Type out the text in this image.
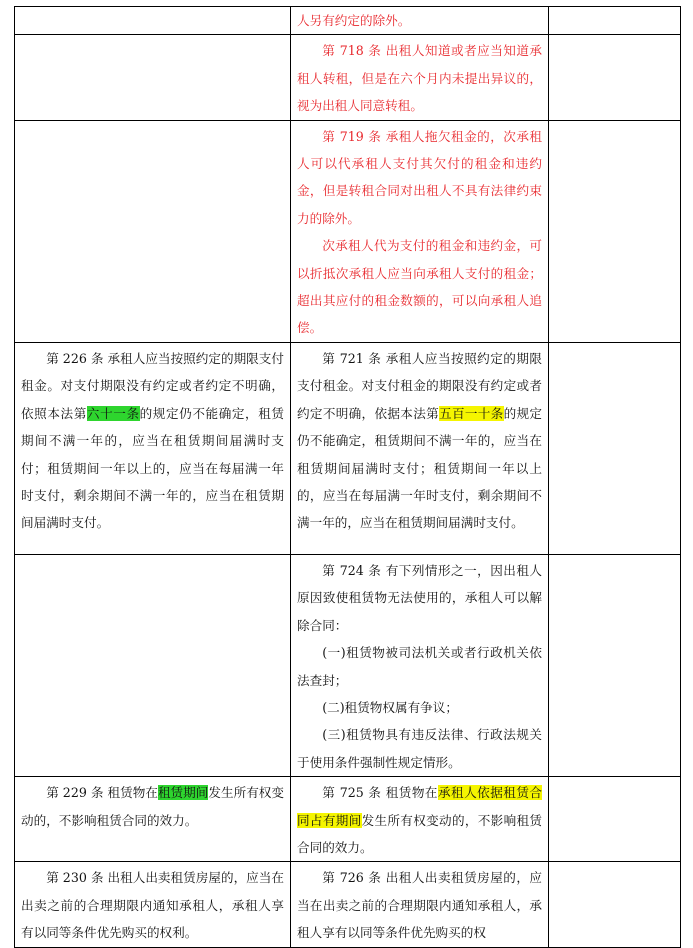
	人另有约定的除外。	

	第 718 条 出租人知道或者应当知道承租人转租，但是在六个月内未提出异议的，视为出租人同意转租。	

	第 719 条 承租人拖欠租金的，次承租人可以代承租人支付其欠付的租金和违约金，但是转租合同对出租人不具有法律约束力的除外。

次承租人代为支付的租金和违约金，可以折抵次承租人应当向承租人支付的租金；超出其应付的租金数额的，可以向承租人追偿。	

第 226 条 承租人应当按照约定的期限支付租金。对支付期限没有约定或者约定不明确，依照本法第六十一条的规定仍不能确定，租赁期间不满一年的，应当在租赁期间届满时支付；租赁期间一年以上的，应当在每届满一年时支付，剩余期间不满一年的，应当在租赁期间届满时支付。	第 721 条 承租人应当按照约定的期限支付租金。对支付租金的期限没有约定或者约定不明确，依据本法第五百一十条的规定仍不能确定，租赁期间不满一年的，应当在租赁期间届满时支付；租赁期间一年以上的，应当在每届满一年时支付，剩余期间不满一年的，应当在租赁期间届满时支付。	

	第 724 条 有下列情形之一，因出租人原因致使租赁物无法使用的，承租人可以解除合同：

(一)租赁物被司法机关或者行政机关依法查封；

(二)租赁物权属有争议；

(三)租赁物具有违反法律、行政法规关于使用条件强制性规定情形。	

第 229 条 租赁物在租赁期间发生所有权变动的，不影响租赁合同的效力。	第 725 条 租赁物在承租人依据租赁合同占有期间发生所有权变动的，不影响租赁合同的效力。	

第 230 条 出租人出卖租赁房屋的，应当在出卖之前的合理期限内通知承租人，承租人享有以同等条件优先购买的权利。	第 726 条 出租人出卖租赁房屋的，应当在出卖之前的合理期限内通知承租人，承租人享有以同等条件优先购买的权	
